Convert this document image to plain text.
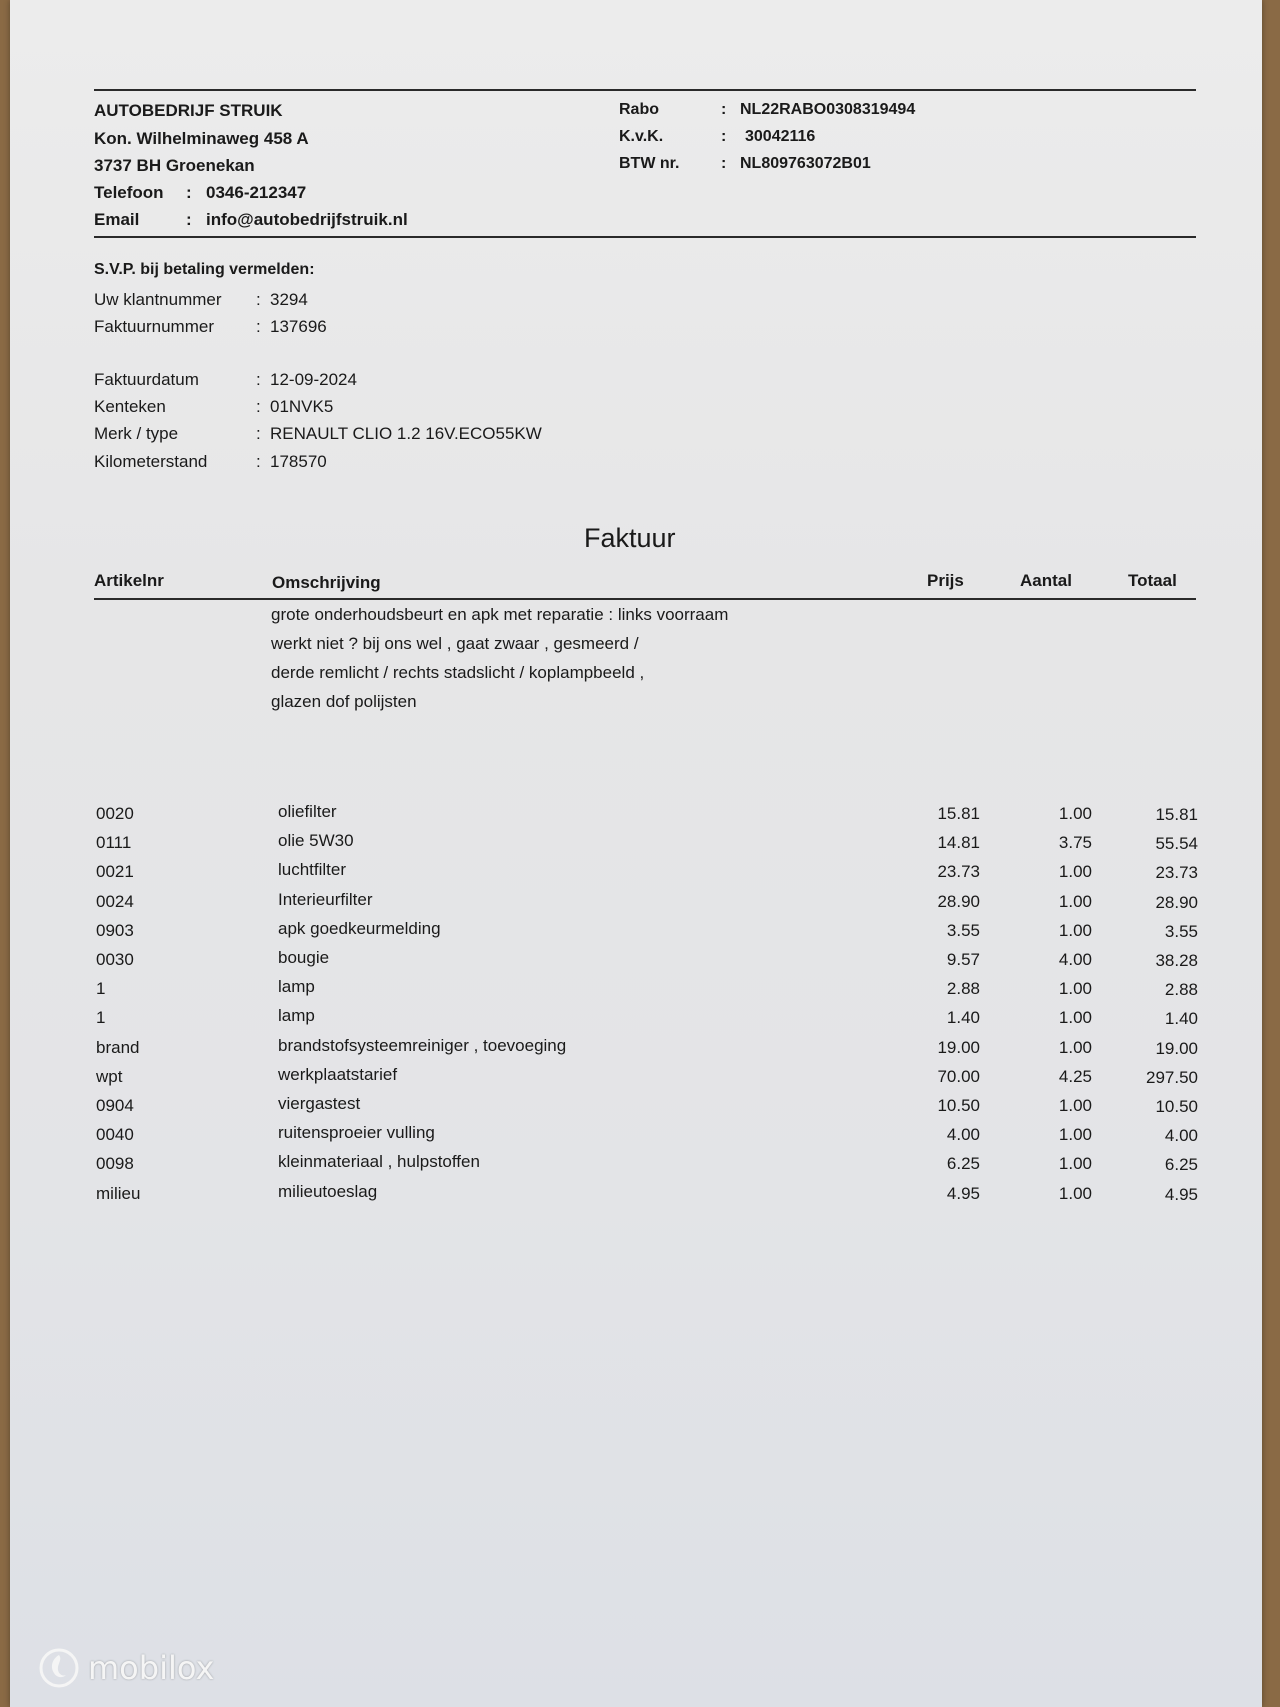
AUTOBEDRIJF STRUIK
Kon. Wilhelminaweg 458 A
3737 BH Groenekan
Telefoon : 0346-212347
Email	: info@autobedrijfstruik.nl
Rabo	: NL22RABO0308319494
K.v.K.	: 30042116
BTW nr.	: NL809763072B01
S.V.P. bij betaling vermelden:
Uw klantnummer : 3294
Faktuurnummer : 137696
Faktuurdatum	: 12-09-2024
Kenteken	: 01NVK5
Merk / type	: RENAULT CLIO 1.2 16V.ECO55KW
Kilometerstand	: 178570
Faktuur
Artikelnr	Omschrijving	Prijs	Aantal	Totaal
grote onderhoudsbeurt en apk met reparatie : links voorraam
werkt niet ? bij ons wel , gaat zwaar , gesmeerd /
derde remlicht / rechts stadslicht / koplampbeeld ,
glazen dof polijsten
0020	oliefilter	15.81	1.00	15.81
0111	olie 5W30	14.81	3.75	55.54
0021	luchtfilter	23.73	1.00	23.73
0024	Interieurfilter	28.90	1.00	28.90
0903	apk goedkeurmelding	3.55	1.00	3.55
0030	bougie	9.57	4.00	38.28
1	lamp	2.88	1.00	2.88
1	lamp	1.40	1.00	1.40
brand	brandstofsysteemreiniger , toevoeging	19.00	1.00	19.00
wpt	werkplaatstarief	70.00	4.25	297.50
0904	viergastest	10.50	1.00	10.50
0040	ruitensproeier vulling	4.00	1.00	4.00
0098	kleinmateriaal , hulpstoffen	6.25	1.00	6.25
milieu	milieutoeslag	4.95	1.00	4.95
mobilox
